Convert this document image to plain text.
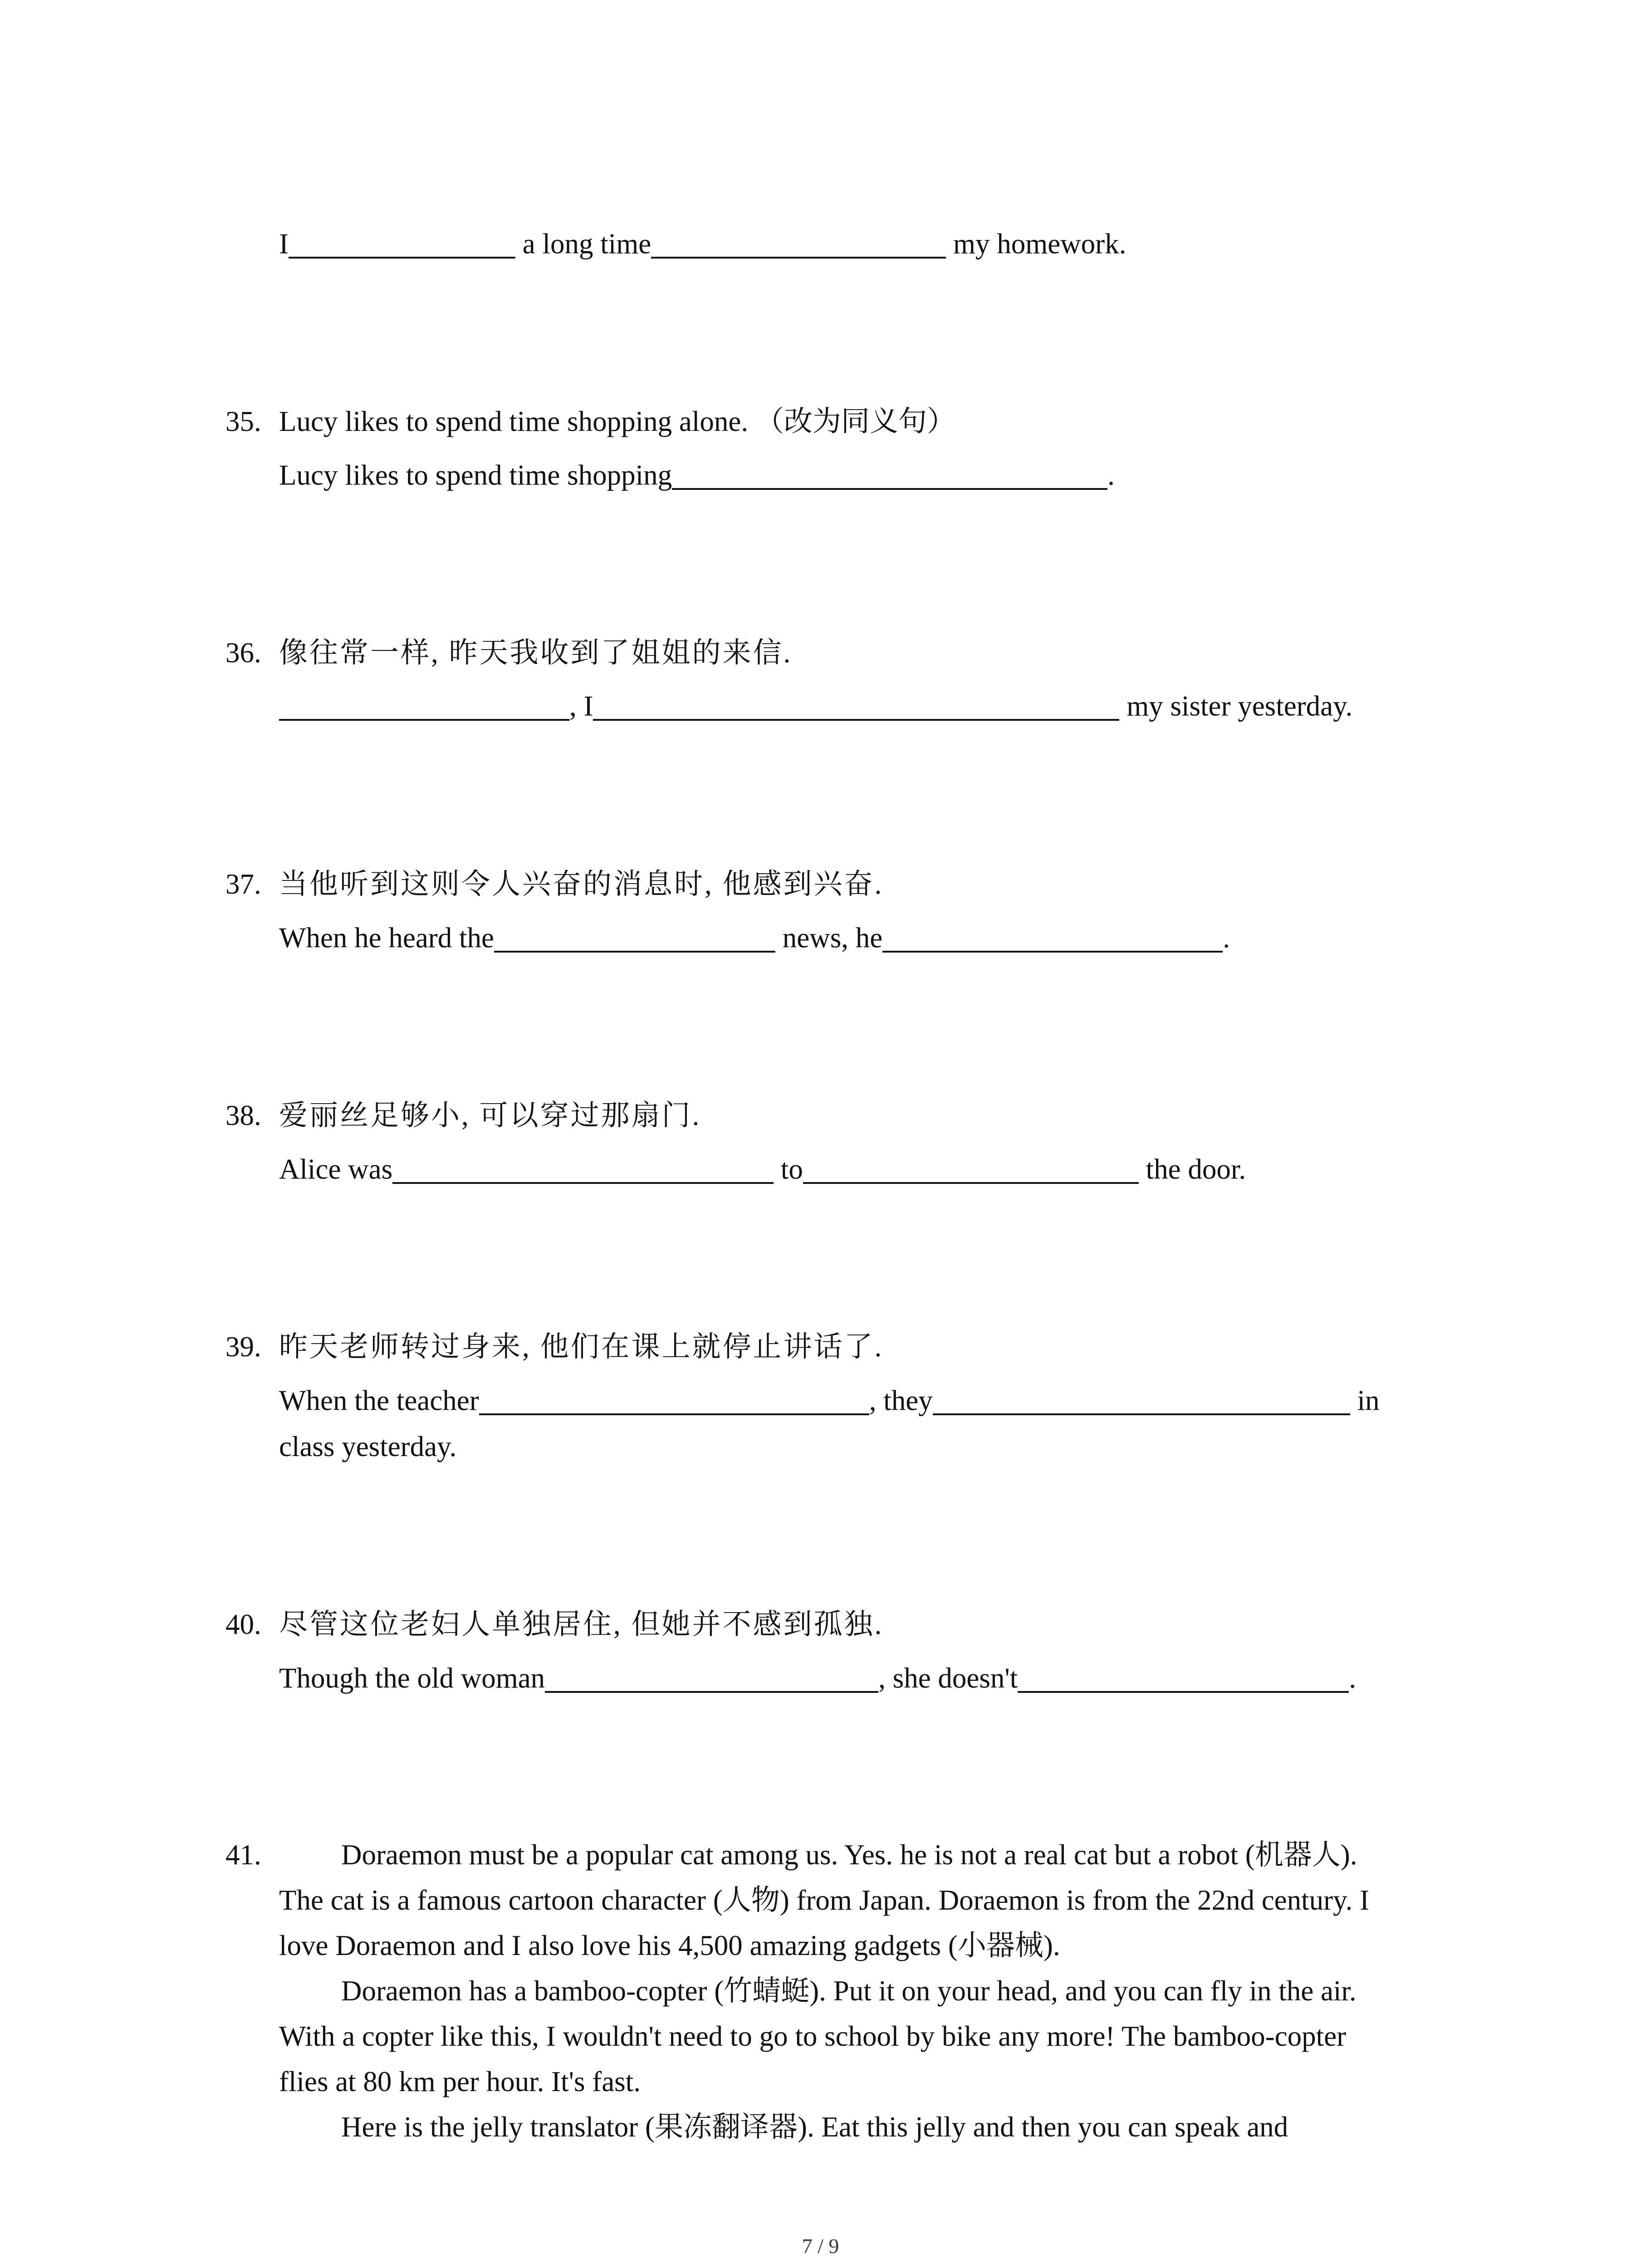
I	a long time	my homework.
35. Lucy likes to spend time shopping alone. （改为同义句）
Lucy likes to spend time shopping	.
36. 像往常一样, 昨天我收到了姐姐的来信.
, I	my sister yesterday.
37. 当他听到这则令人兴奋的消息时, 他感到兴奋.
When he heard the	news, he	.
38. 爱丽丝足够小, 可以穿过那扇门.
Alice was	to	the door.
39. 昨天老师转过身来, 他们在课上就停止讲话了.
When the teacher	, they	in
class yesterday.
40. 尽管这位老妇人单独居住, 但她并不感到孤独.
Though the old woman	, she doesn't	.
41.	Doraemon must be a popular cat among us. Yes. he is not a real cat but a robot (机器人).
The cat is a famous cartoon character (人物) from Japan. Doraemon is from the 22nd century. I
love Doraemon and I also love his 4,500 amazing gadgets (小器械).
Doraemon has a bamboo-copter (竹蜻蜓). Put it on your head, and you can fly in the air.
With a copter like this, I wouldn't need to go to school by bike any more! The bamboo-copter
flies at 80 km per hour. It's fast.
Here is the jelly translator (果冻翻译器). Eat this jelly and then you can speak and
7 / 9
